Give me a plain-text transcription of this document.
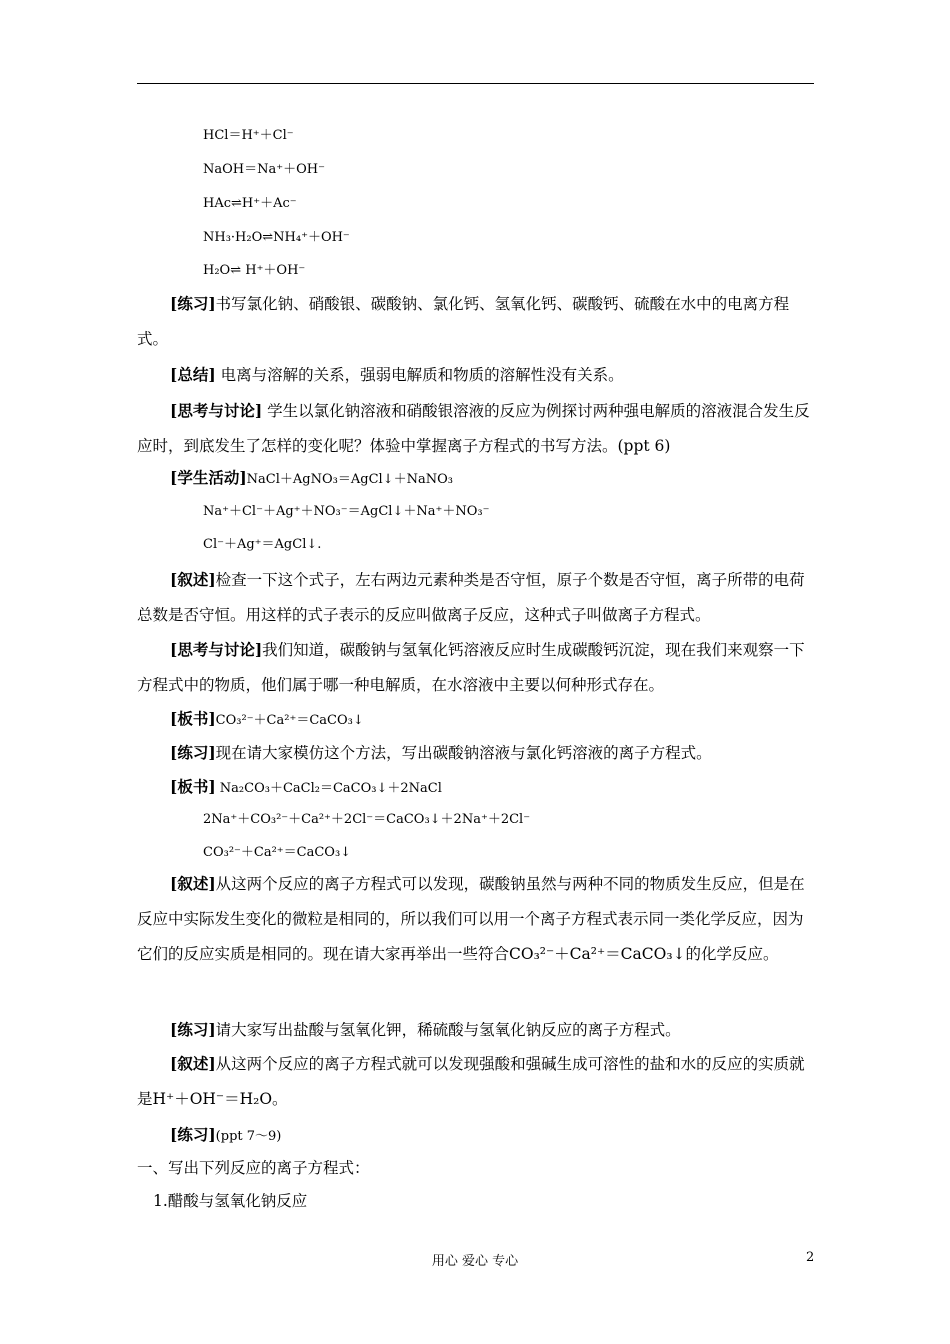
HCl＝H⁺＋Cl⁻
NaOH＝Na⁺＋OH⁻
HAc⇌H⁺＋Ac⁻
NH₃·H₂O⇌NH₄⁺＋OH⁻
H₂O⇌ H⁺＋OH⁻
[练习]书写氯化钠、硝酸银、碳酸钠、氯化钙、氢氧化钙、碳酸钙、硫酸在水中的电离方程式。
[总结] 电离与溶解的关系，强弱电解质和物质的溶解性没有关系。
[思考与讨论] 学生以氯化钠溶液和硝酸银溶液的反应为例探讨两种强电解质的溶液混合发生反应时，到底发生了怎样的变化呢？体验中掌握离子方程式的书写方法。(ppt 6)
[学生活动]NaCl＋AgNO₃＝AgCl↓＋NaNO₃
Na⁺＋Cl⁻＋Ag⁺＋NO₃⁻＝AgCl↓＋Na⁺＋NO₃⁻
Cl⁻＋Ag⁺＝AgCl↓.
[叙述]检查一下这个式子，左右两边元素种类是否守恒，原子个数是否守恒，离子所带的电荷总数是否守恒。用这样的式子表示的反应叫做离子反应，这种式子叫做离子方程式。
[思考与讨论]我们知道，碳酸钠与氢氧化钙溶液反应时生成碳酸钙沉淀，现在我们来观察一下方程式中的物质，他们属于哪一种电解质，在水溶液中主要以何种形式存在。
[板书]CO₃²⁻＋Ca²⁺＝CaCO₃↓
[练习]现在请大家模仿这个方法，写出碳酸钠溶液与氯化钙溶液的离子方程式。
[板书] Na₂CO₃＋CaCl₂＝CaCO₃↓＋2NaCl
2Na⁺＋CO₃²⁻＋Ca²⁺＋2Cl⁻＝CaCO₃↓＋2Na⁺＋2Cl⁻
CO₃²⁻＋Ca²⁺＝CaCO₃↓
[叙述]从这两个反应的离子方程式可以发现，碳酸钠虽然与两种不同的物质发生反应，但是在反应中实际发生变化的微粒是相同的，所以我们可以用一个离子方程式表示同一类化学反应，因为它们的反应实质是相同的。现在请大家再举出一些符合CO₃²⁻＋Ca²⁺＝CaCO₃↓的化学反应。
[练习]请大家写出盐酸与氢氧化钾，稀硫酸与氢氧化钠反应的离子方程式。
[叙述]从这两个反应的离子方程式就可以发现强酸和强碱生成可溶性的盐和水的反应的实质就是H⁺＋OH⁻＝H₂O。
[练习](ppt 7～9)
一、写出下列反应的离子方程式：
1.醋酸与氢氧化钠反应
用心 爱心 专心	2
